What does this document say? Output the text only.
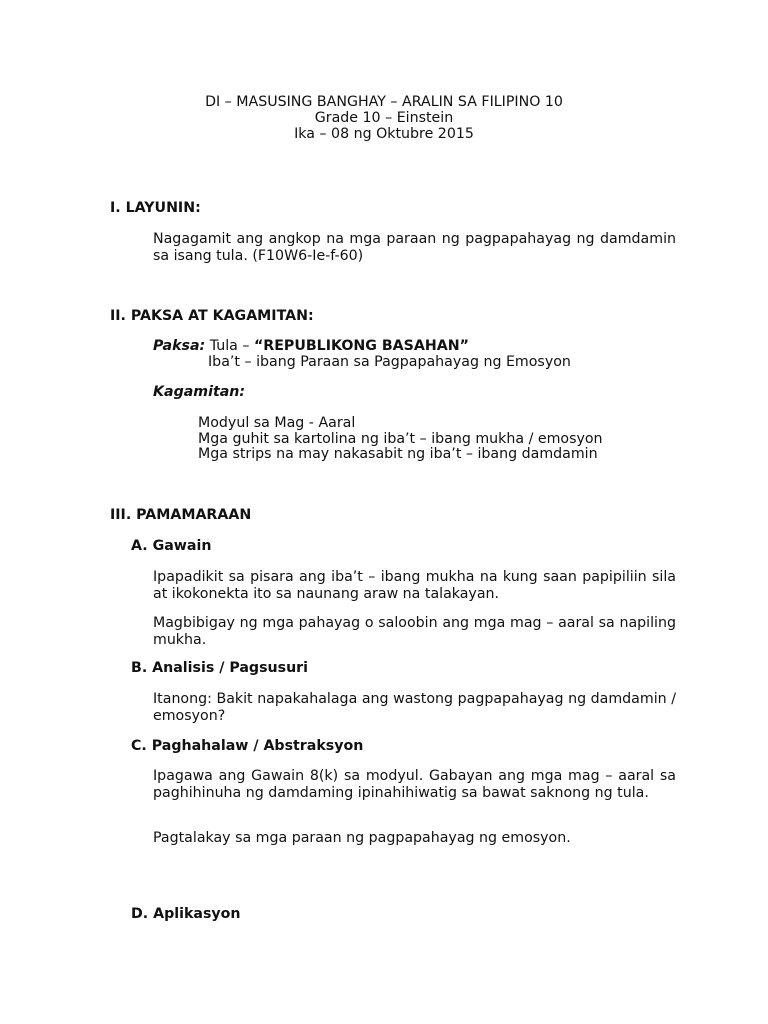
DI – MASUSING BANGHAY – ARALIN SA FILIPINO 10
Grade 10 – Einstein
Ika – 08 ng Oktubre 2015
I. LAYUNIN:
Nagagamit ang angkop na mga paraan ng pagpapahayag ng damdamin sa isang tula. (F10W6-Ie-f-60)
II. PAKSA AT KAGAMITAN:
Paksa: Tula – “REPUBLIKONG BASAHAN”
Iba’t – ibang Paraan sa Pagpapahayag ng Emosyon
Kagamitan:
Modyul sa Mag - Aaral
Mga guhit sa kartolina ng iba’t – ibang mukha / emosyon
Mga strips na may nakasabit ng iba’t – ibang damdamin
III. PAMAMARAAN
A. Gawain
Ipapadikit sa pisara ang iba’t – ibang mukha na kung saan papipiliin sila at ikokonekta ito sa naunang araw na talakayan.
Magbibigay ng mga pahayag o saloobin ang mga mag – aaral sa napiling mukha.
B. Analisis / Pagsusuri
Itanong: Bakit napakahalaga ang wastong pagpapahayag ng damdamin / emosyon?
C. Paghahalaw / Abstraksyon
Ipagawa ang Gawain 8(k) sa modyul. Gabayan ang mga mag – aaral sa paghihinuha ng damdaming ipinahihiwatig sa bawat saknong ng tula.
Pagtalakay sa mga paraan ng pagpapahayag ng emosyon.
D. Aplikasyon
